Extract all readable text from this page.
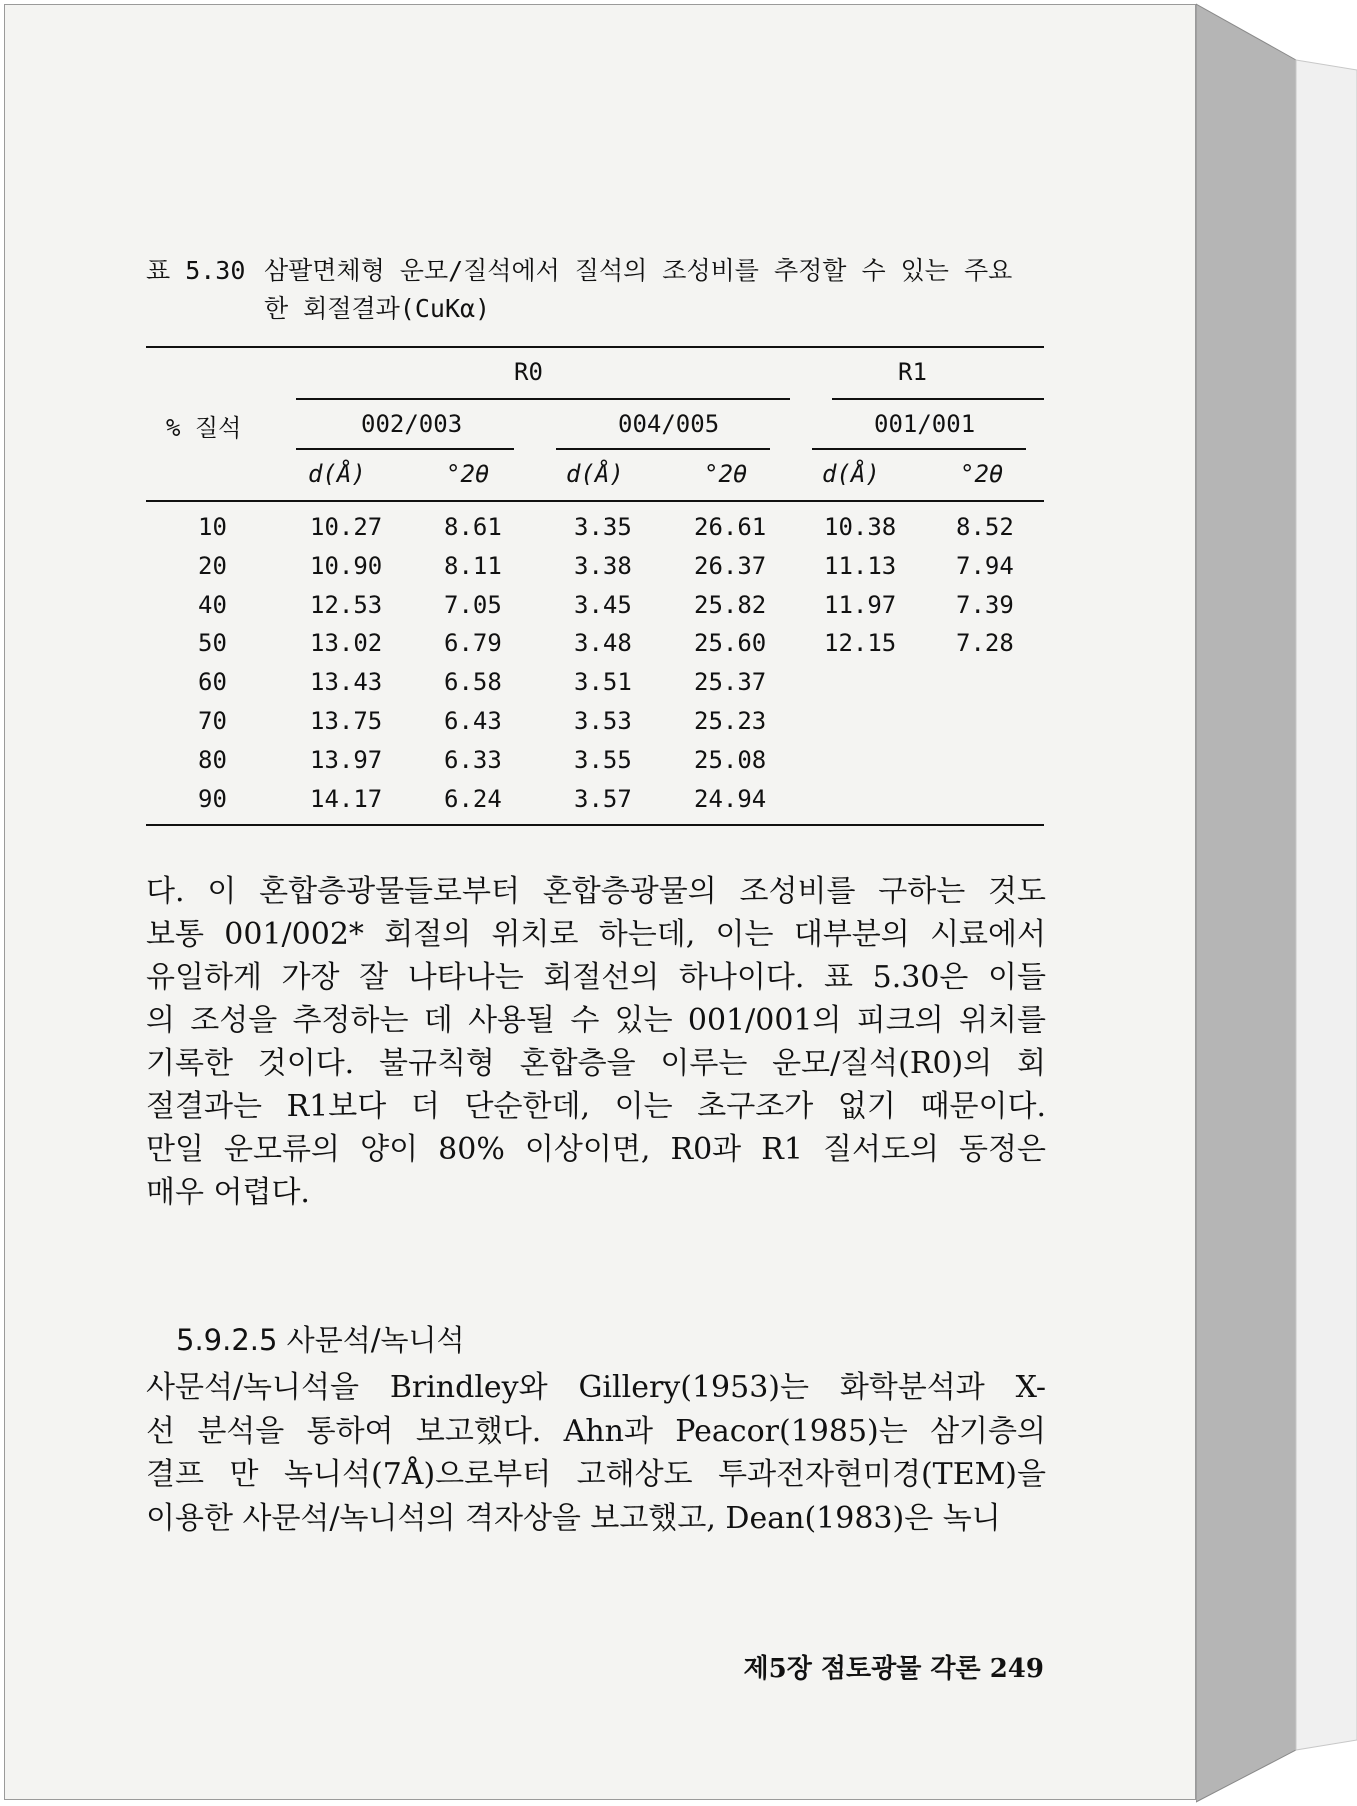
표 5.30 삼팔면체형 운모/질석에서 질석의 조성비를 추정할 수 있는 주요
한 회절결과(CuKα)
% 질석
R0	R1
002/003	004/005	001/001
d(Å)	°2θ	d(Å)	°2θ	d(Å)	°2θ
10	10.27	8.61	3.35	26.61 10.38 8.52
20	10.90	8.11	3.38	26.37 11.13 7.94
40	12.53	7.05	3.45	25.82 11.97 7.39
50	13.02	6.79	3.48	25.60 12.15 7.28
60	13.43	6.58	3.51	25.37
70	13.75	6.43	3.53	25.23
80	13.97	6.33	3.55	25.08
90	14.17	6.24	3.57	24.94
다. 이 혼합층광물들로부터 혼합층광물의 조성비를 구하는 것도
보통 001/002* 회절의 위치로 하는데, 이는 대부분의 시료에서
유일하게 가장 잘 나타나는 회절선의 하나이다. 표 5.30은 이들
의 조성을 추정하는 데 사용될 수 있는 001/001의 피크의 위치를
기록한 것이다. 불규칙형 혼합층을 이루는 운모/질석(R0)의 회
절결과는 R1보다 더 단순한데, 이는 초구조가 없기 때문이다.
만일 운모류의 양이 80% 이상이면, R0과 R1 질서도의 동정은
매우 어렵다.
5.9.2.5 사문석/녹니석
사문석/녹니석을 Brindley와 Gillery(1953)는 화학분석과 X-
선 분석을 통하여 보고했다. Ahn과 Peacor(1985)는 삼기층의
결프 만 녹니석(7Å)으로부터 고해상도 투과전자현미경(TEM)을
이용한 사문석/녹니석의 격자상을 보고했고, Dean(1983)은 녹니
제5장 점토광물 각론 249
